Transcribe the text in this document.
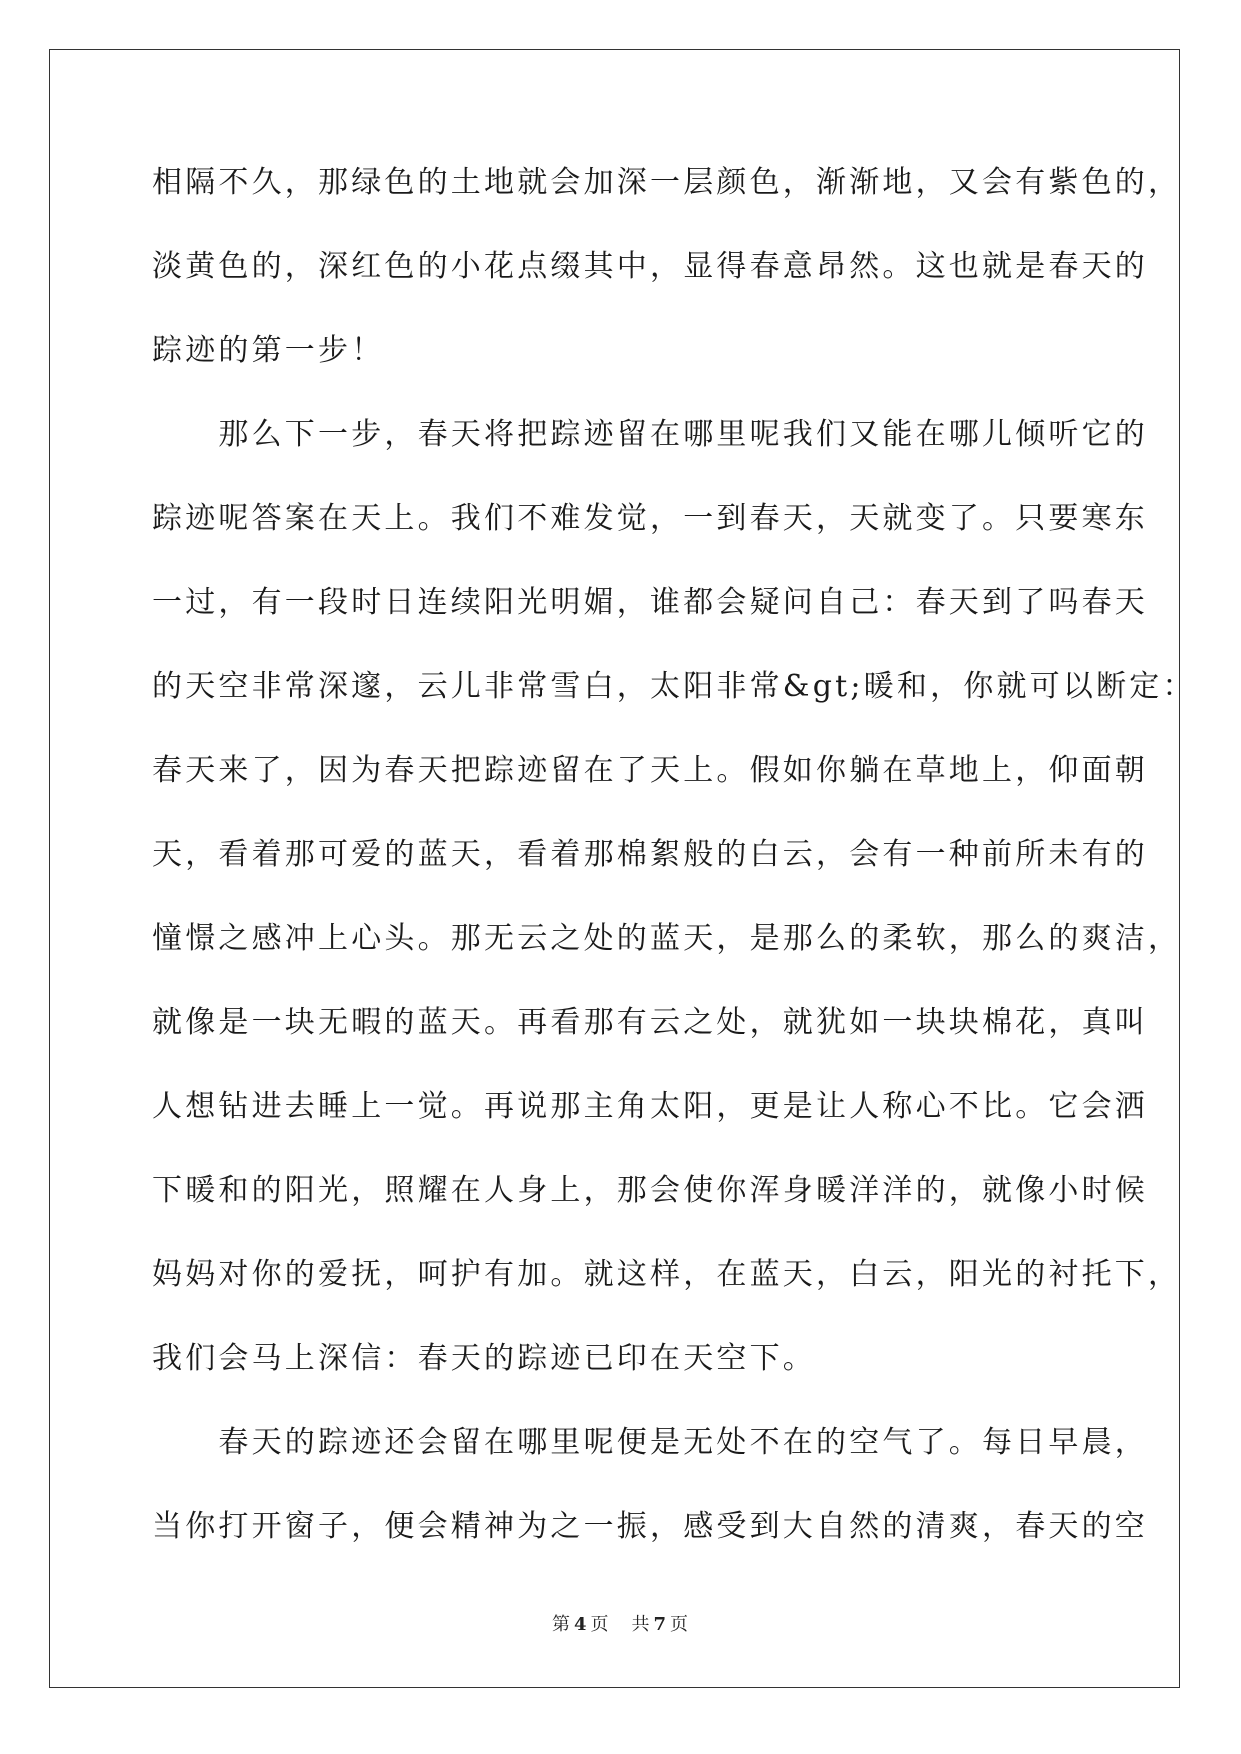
相隔不久，那绿色的土地就会加深一层颜色，渐渐地，又会有紫色的，
淡黄色的，深红色的小花点缀其中，显得春意昂然。这也就是春天的
踪迹的第一步！
　　那么下一步，春天将把踪迹留在哪里呢我们又能在哪儿倾听它的
踪迹呢答案在天上。我们不难发觉，一到春天，天就变了。只要寒东
一过，有一段时日连续阳光明媚，谁都会疑问自己：春天到了吗春天
的天空非常深邃，云儿非常雪白，太阳非常&gt;暖和，你就可以断定：
春天来了，因为春天把踪迹留在了天上。假如你躺在草地上，仰面朝
天，看着那可爱的蓝天，看着那棉絮般的白云，会有一种前所未有的
憧憬之感冲上心头。那无云之处的蓝天，是那么的柔软，那么的爽洁，
就像是一块无暇的蓝天。再看那有云之处，就犹如一块块棉花，真叫
人想钻进去睡上一觉。再说那主角太阳，更是让人称心不比。它会洒
下暖和的阳光，照耀在人身上，那会使你浑身暖洋洋的，就像小时候
妈妈对你的爱抚，呵护有加。就这样，在蓝天，白云，阳光的衬托下，
我们会马上深信：春天的踪迹已印在天空下。
　　春天的踪迹还会留在哪里呢便是无处不在的空气了。每日早晨，
当你打开窗子，便会精神为之一振，感受到大自然的清爽，春天的空
第 4 页 共 7 页
